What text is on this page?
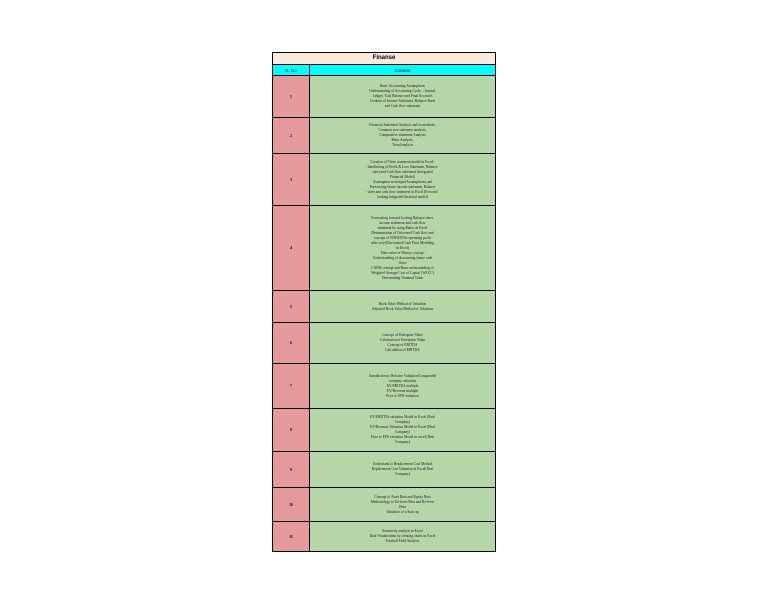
Finanse
S. No	Content
1
Basic Accounting Assumptions
Understanding of Accounting Cycle – Journal,
Ledger, Trial Balance and Final Accounts
Creation of Income Statement, Balance Sheet
and Cash flow statement
2
Financial Statement Analysis and its methods:
Common size statement analysis,
Comparative statement Analysis
Ratio Analysis,
Trend analysis
3
Creation of Three statement model in Excel-
Interlinking of Profit & Loss Statement, Balance
sheet and Cash flow statement (Integrated
Financial Model)
Assumption technique(Assumptions) and
Forecasting future income statement, Balance
sheet and cash flow statement in Excel (Forward
looking integrated financial model)
4
Forecasting forward looking Balance sheet,
income statement and cash flow
statement by using Ratios in Excel
Determination of Unlevered Cash flow and
concept of NOPAT(Net operating profit
after tax)-(Discounted Cash Flow Modeling
in Excel)
Time value of Money concept:
Understanding of discounting future cash
flows
CAPM concept and Basic understanding of
Weighted Average Cost of Capital (WACC)
Determining Terminal Value
5
Book Value Method of Valuation
Adjusted Book Value Method of Valuation
6
Concept of Enterprise Value
Calculation of Enterprise Value
Concept of EBITDA
Calculation of EBITDA
7
Introduction to Relative Valuation/Comparable
company valuation
EV/EBITDA multiple
EV/Revenue multiple
Price to EPS valuation
8
EV/EBITDA valuation Model in Excel (Real
Company)
EV/Revenue Valuation Model in Excel (Real
Company)
Price to EPS valuation Model in excel( Real
Company)
9
Understand to Replacement Cost Method
Replacement Cost Valuation in Excel(Real
Company)
10
Concept of Asset Beta and Equity Beta
Methodology to Un-lever Beta and Re-lever
Beta
Valuation of a Start up
11
Sensitivity analysis in Excel
Data Visualization by creating charts in Excel
Football Field Analysis
